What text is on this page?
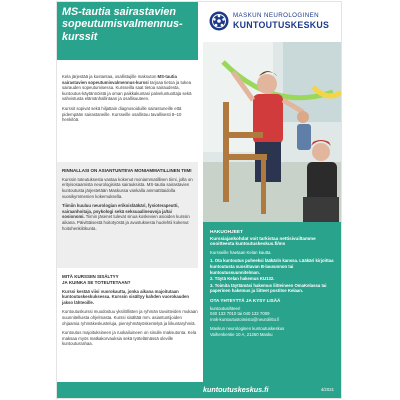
MS-tautia sairastavien sopeutumisvalmennus-kurssit
MASKUN NEUROLOGINEN
KUNTOUTUSKESKUS

Kela järjestää ja kustantaa, osallistujille maksuton MS-tautia sairastavien sopeutumisvalmennus-kurssi tarjoaa tietoa ja tukea sairauden sopeutumisessa. Kursseilla saat tietoa sairaudesta, kuntoutus-käytännöistä ja oman paikkakuntasi palveluntuottaja sekä vahvistusta elämänhallintaan ja osallisuuteen.

Kurssit sopivat sekä hiljattain diagnosoiduille sairastuneille että pidempään sairastaneille. Kursseille osallistuu tavallisesti 8–10 henkilöä.

RINNALLASI ON ASIANTUNTEVA MONIAMMATILLINEN TIIMI

Kurssin toteutuksesta vastaa kokenut moniammatillinen tiimi, jolla on erityisosaamista neurologisista sairauksista. MS-tautia sairastavien kuntoutusta järjestetään Maskussa vankalla ammattitaidolla vuosikymmenien kokemuksella.

Tiimiin kuuluu neurologian erikoislääkäri, fysioterapeutti, sairaanhoitaja, psykologi sekä seksuaalineuvoja ja/tai sosionomi. Tiimin jäsenet tulevat sinua koskevien asioiden kurssin aikana. Päivittäisestä hoitotyöstä ja avustuksesta huolehtii kokenut hoitohenkilökunta.

MITÄ KURSSIIN SISÄLTYY
JA KUINKA SE TOTEUTETAAN?

Kurssi kestää viisi vuorokautta, jonka aikana majoitutaan kuntoutuskeskuksessa. Kurssin sisältyy kahden vuorokauden jakso lähteoille.

Kuntoutuskurssi muodostuu yksilöllisten ja ryhmän tavoitteiden mukaan suunnitelluista ohjelmasta. Kurssi sisältää mm. asiantuntijoiden ohjaamia ryhmäkeskusteluja, pienryhmätyöskentelyä ja liikuntaryhmiä.

Kuntoutus majoituksineen ja ruokailuineen on sinulle maksutonta. Kela maksaa myös matkakorvauksia sekä työtelämässä oleville kuntoutusrahaa.

HAKUOHJEET
Kurssiajankohdat voit tarkistaa nettisivuiltamme osoitteesta kuntoutuskeskus.fi/ms

Kursseille haetaan Kelan kautta.

1. Ota kuntoutus puheeksi lääkärin kanssa. Lääkäri kirjoittaa kuntoutusta suosittavan B-lausunnon tai kuntoutussuunnitelman.
2. Täytä Kelan hakemus KU132.
3. Toimita täyttämäsi hakemus liitteineen OmaKelassa tai paperinen hakemus ja liitteet postitse Kelaan.
OTA YHTEYTTÄ JA KYSY LISÄÄ
kuntoutusihteeri
040 133 7010 tai 040 132 7009
mnk-kuntoutustoimisto@neuroliitto.fi
Maskun neurologinen kuntoutuskeskus
Vaihenkentie 10 A, 21250 Masku
kuntoutuskeskus.fi	4/2021
